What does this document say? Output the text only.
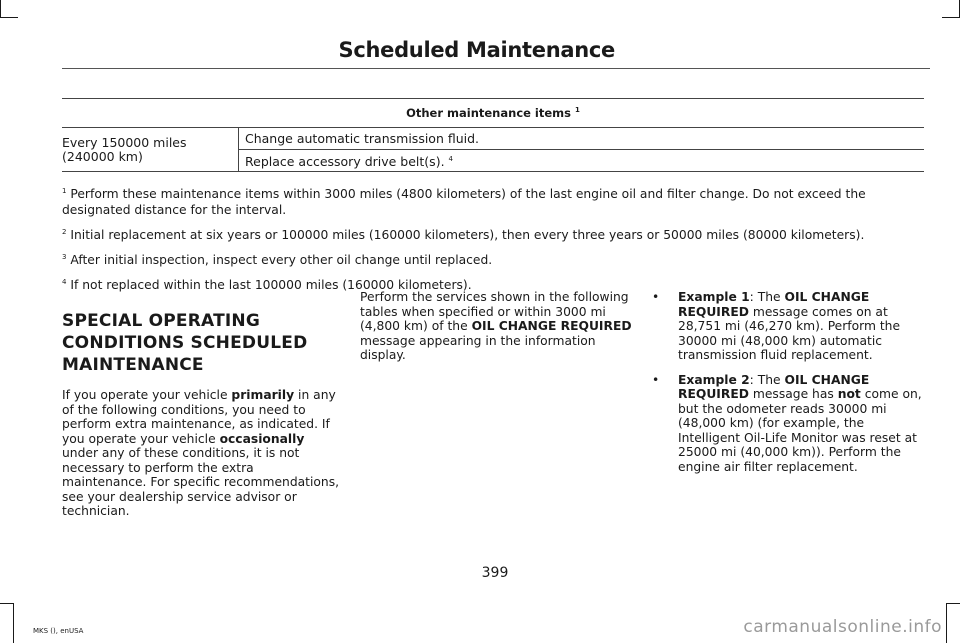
Scheduled Maintenance
Other maintenance items $^1$
Every 150000 miles (240000 km)	Change automatic transmission fluid.
Replace accessory drive belt(s). $^4$

$^1$ Perform these maintenance items within 3000 miles (4800 kilometers) of the last engine oil and filter change. Do not exceed the designated distance for the interval.

$^2$ Initial replacement at six years or 100000 miles (160000 kilometers), then every three years or 50000 miles (80000 kilometers).

$^3$ After initial inspection, inspect every other oil change until replaced.

$^4$ If not replaced within the last 100000 miles (160000 kilometers).

SPECIAL OPERATING
CONDITIONS SCHEDULED
MAINTENANCE

If you operate your vehicle primarily in any of the following conditions, you need to perform extra maintenance, as indicated. If you operate your vehicle occasionally under any of these conditions, it is not necessary to perform the extra maintenance. For specific recommendations, see your dealership service advisor or technician.

Perform the services shown in the following tables when specified or within 3000 mi (4,800 km) of the OIL CHANGE REQUIRED message appearing in the information display.

• Example 1: The OIL CHANGE REQUIRED message comes on at 28,751 mi (46,270 km). Perform the 30000 mi (48,000 km) automatic transmission fluid replacement.
• Example 2: The OIL CHANGE REQUIRED message has not come on, but the odometer reads 30000 mi (48,000 km) (for example, the Intelligent Oil-Life Monitor was reset at 25000 mi (40,000 km)). Perform the engine air filter replacement.
399
MKS (), enUSA	carmanualsonline.info
